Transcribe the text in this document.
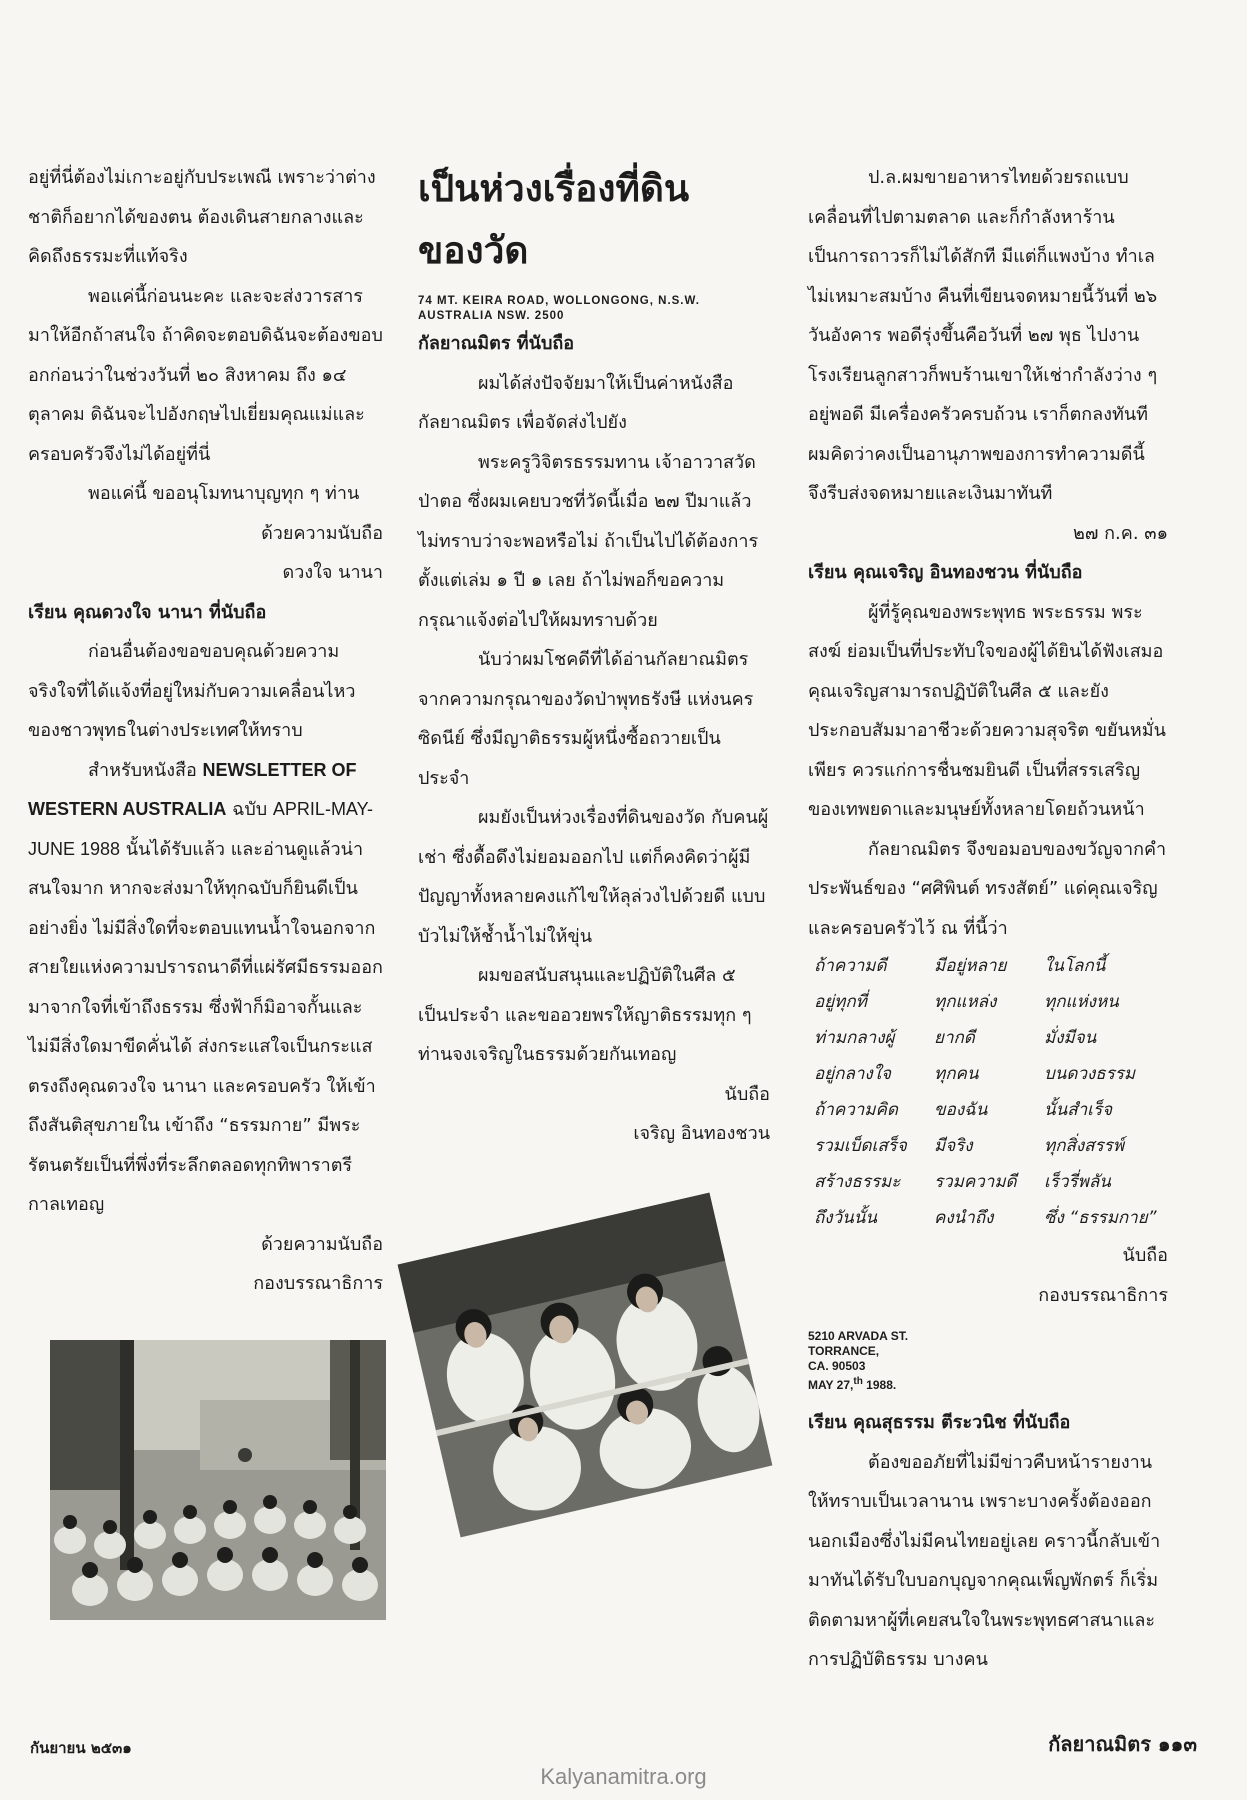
อยู่ที่นี่ต้องไม่เกาะอยู่กับประเพณี เพราะว่าต่างชาติก็อยากได้ของตน ต้องเดินสายกลางและคิดถึงธรรมะที่แท้จริง

พอแค่นี้ก่อนนะคะ และจะส่งวารสารมาให้อีกถ้าสนใจ ถ้าคิดจะตอบดิฉันจะต้องขอบอกก่อนว่าในช่วงวันที่ ๒๐ สิงหาคม ถึง ๑๔ ตุลาคม ดิฉันจะไปอังกฤษไปเยี่ยมคุณแม่และครอบครัวจึงไม่ได้อยู่ที่นี่

พอแค่นี้ ขออนุโมทนาบุญทุก ๆ ท่าน

ด้วยความนับถือ

ดวงใจ นานา

เรียน คุณดวงใจ นานา ที่นับถือ

ก่อนอื่นต้องขอขอบคุณด้วยความจริงใจที่ได้แจ้งที่อยู่ใหม่กับความเคลื่อนไหวของชาวพุทธในต่างประเทศให้ทราบ

สำหรับหนังสือ NEWSLETTER OF WESTERN AUSTRALIA ฉบับ APRIL-MAY-JUNE 1988 นั้นได้รับแล้ว และอ่านดูแล้วน่าสนใจมาก หากจะส่งมาให้ทุกฉบับก็ยินดีเป็นอย่างยิ่ง ไม่มีสิ่งใดที่จะตอบแทนน้ำใจนอกจากสายใยแห่งความปรารถนาดีที่แผ่รัศมีธรรมออกมาจากใจที่เข้าถึงธรรม ซึ่งฟ้าก็มิอาจกั้นและไม่มีสิ่งใดมาขีดคั่นได้ ส่งกระแสใจเป็นกระแสตรงถึงคุณดวงใจ นานา และครอบครัว ให้เข้าถึงสันติสุขภายใน เข้าถึง “ธรรมกาย” มีพระรัตนตรัยเป็นที่พึ่งที่ระลึกตลอดทุกทิพาราตรีกาลเทอญ

ด้วยความนับถือ

กองบรรณาธิการ

เป็นห่วงเรื่องที่ดิน
ของวัด

74 MT. KEIRA ROAD, WOLLONGONG, N.S.W. AUSTRALIA NSW. 2500

กัลยาณมิตร ที่นับถือ

ผมได้ส่งปัจจัยมาให้เป็นค่าหนังสือกัลยาณมิตร เพื่อจัดส่งไปยัง

พระครูวิจิตรธรรมทาน เจ้าอาวาสวัดป่าตอ ซึ่งผมเคยบวชที่วัดนี้เมื่อ ๒๗ ปีมาแล้ว ไม่ทราบว่าจะพอหรือไม่ ถ้าเป็นไปได้ต้องการตั้งแต่เล่ม ๑ ปี ๑ เลย ถ้าไม่พอก็ขอความกรุณาแจ้งต่อไปให้ผมทราบด้วย

นับว่าผมโชคดีที่ได้อ่านกัลยาณมิตรจากความกรุณาของวัดป่าพุทธรังษี แห่งนครซิดนีย์ ซึ่งมีญาติธรรมผู้หนึ่งซื้อถวายเป็นประจำ

ผมยังเป็นห่วงเรื่องที่ดินของวัด กับคนผู้เช่า ซึ่งดื้อดึงไม่ยอมออกไป แต่ก็คงคิดว่าผู้มีปัญญาทั้งหลายคงแก้ไขให้ลุล่วงไปด้วยดี แบบบัวไม่ให้ช้ำน้ำไม่ให้ขุ่น

ผมขอสนับสนุนและปฏิบัติในศีล ๕ เป็นประจำ และขออวยพรให้ญาติธรรมทุก ๆ ท่านจงเจริญในธรรมด้วยกันเทอญ

นับถือ

เจริญ อินทองชวน

ป.ล.ผมขายอาหารไทยด้วยรถแบบเคลื่อนที่ไปตามตลาด และก็กำลังหาร้านเป็นการถาวรก็ไม่ได้สักที มีแต่ก็แพงบ้าง ทำเลไม่เหมาะสมบ้าง คืนที่เขียนจดหมายนี้วันที่ ๒๖ วันอังคาร พอดีรุ่งขึ้นคือวันที่ ๒๗ พุธ ไปงานโรงเรียนลูกสาวก็พบร้านเขาให้เช่ากำลังว่าง ๆ อยู่พอดี มีเครื่องครัวครบถ้วน เราก็ตกลงทันที ผมคิดว่าคงเป็นอานุภาพของการทำความดีนี้ จึงรีบส่งจดหมายและเงินมาทันที

๒๗ ก.ค. ๓๑

เรียน คุณเจริญ อินทองชวน ที่นับถือ

ผู้ที่รู้คุณของพระพุทธ พระธรรม พระสงฆ์ ย่อมเป็นที่ประทับใจของผู้ได้ยินได้ฟังเสมอ คุณเจริญสามารถปฏิบัติในศีล ๕ และยังประกอบสัมมาอาชีวะด้วยความสุจริต ขยันหมั่นเพียร ควรแก่การชื่นชมยินดี เป็นที่สรรเสริญของเทพยดาและมนุษย์ทั้งหลายโดยถ้วนหน้า

กัลยาณมิตร จึงขอมอบของขวัญจากคำประพันธ์ของ “ศศิพินต์ ทรงสัตย์” แด่คุณเจริญและครอบครัวไว้ ณ ที่นี้ว่า

ถ้าความดี	มีอยู่หลาย	ในโลกนี้
อยู่ทุกที่	ทุกแหล่ง	ทุกแห่งหน
ท่ามกลางผู้	ยากดี	มั่งมีจน
อยู่กลางใจ	ทุกคน	บนดวงธรรม
ถ้าความคิด	ของฉัน	นั้นสำเร็จ
รวมเบ็ดเสร็จ	มีจริง	ทุกสิ่งสรรพ์
สร้างธรรมะ	รวมความดี	เร็วรี่พลัน
ถึงวันนั้น	คงนำถึง	ซึ่ง “ธรรมกาย”

นับถือ

กองบรรณาธิการ

5210 ARVADA ST.
TORRANCE,
CA. 90503
MAY 27,$^{th}$ 1988.

เรียน คุณสุธรรม ตีระวนิช ที่นับถือ

ต้องขออภัยที่ไม่มีข่าวคืบหน้ารายงานให้ทราบเป็นเวลานาน เพราะบางครั้งต้องออกนอกเมืองซึ่งไม่มีคนไทยอยู่เลย คราวนี้กลับเข้ามาทันได้รับใบบอกบุญจากคุณเพ็ญพักตร์ ก็เริ่มติดตามหาผู้ที่เคยสนใจในพระพุทธศาสนาและการปฏิบัติธรรม บางคน

กันยายน ๒๕๓๑	กัลยาณมิตร ๑๑๓
Kalyanamitra.org
